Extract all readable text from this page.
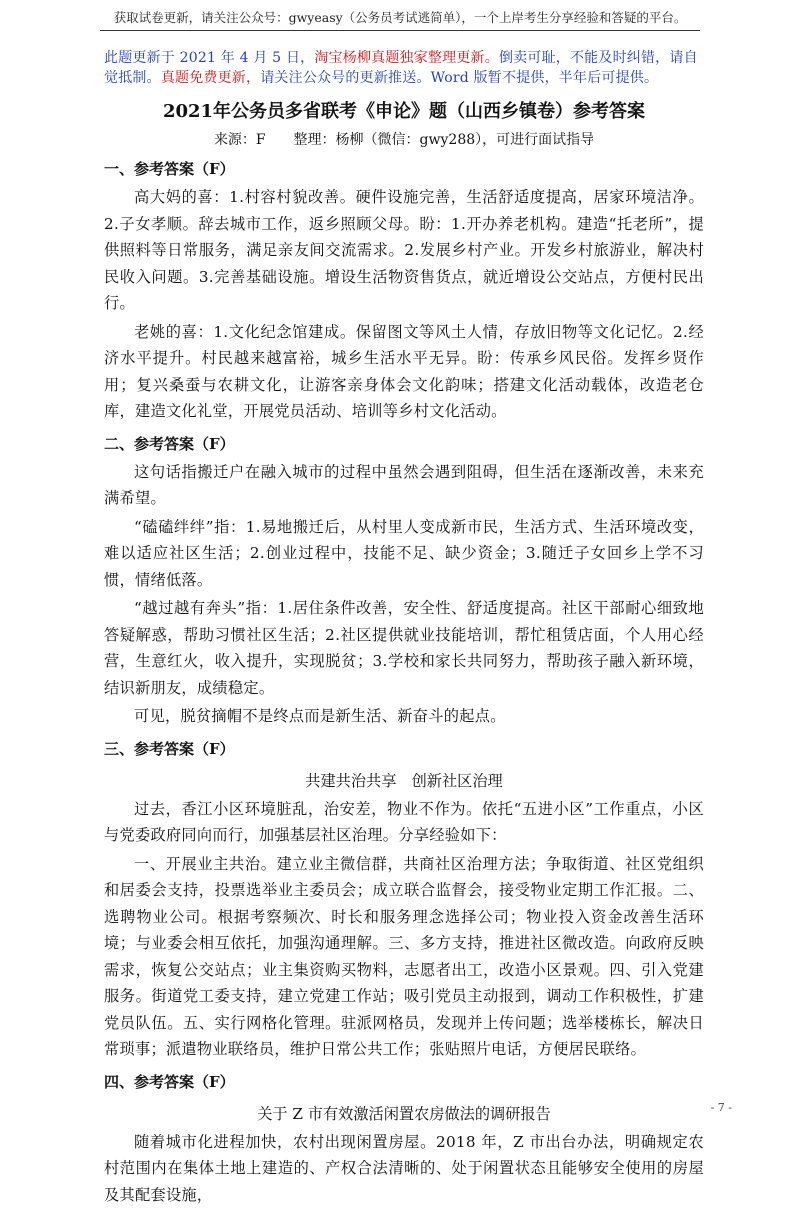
获取试卷更新，请关注公众号：gwyeasy（公务员考试逃简单），一个上岸考生分享经验和答疑的平台。

此题更新于 2021 年 4 月 5 日，淘宝杨柳真题独家整理更新。倒卖可耻，不能及时纠错，请自觉抵制。真题免费更新，请关注公众号的更新推送。Word 版暂不提供，半年后可提供。

2021年公务员多省联考《申论》题（山西乡镇卷）参考答案
来源：F　　整理：杨柳（微信：gwy288），可进行面试指导
一、参考答案（F）

高大妈的喜：1.村容村貌改善。硬件设施完善，生活舒适度提高，居家环境洁净。2.子女孝顺。辞去城市工作，返乡照顾父母。盼：1.开办养老机构。建造“托老所”，提供照料等日常服务，满足亲友间交流需求。2.发展乡村产业。开发乡村旅游业，解决村民收入问题。3.完善基础设施。增设生活物资售货点，就近增设公交站点，方便村民出行。

老姚的喜：1.文化纪念馆建成。保留图文等风土人情，存放旧物等文化记忆。2.经济水平提升。村民越来越富裕，城乡生活水平无异。盼：传承乡风民俗。发挥乡贤作用；复兴桑蚕与农耕文化，让游客亲身体会文化韵味；搭建文化活动载体，改造老仓库，建造文化礼堂，开展党员活动、培训等乡村文化活动。

二、参考答案（F）

这句话指搬迁户在融入城市的过程中虽然会遇到阻碍，但生活在逐渐改善，未来充满希望。

“磕磕绊绊”指：1.易地搬迁后，从村里人变成新市民，生活方式、生活环境改变，难以适应社区生活；2.创业过程中，技能不足、缺少资金；3.随迁子女回乡上学不习惯，情绪低落。

“越过越有奔头”指：1.居住条件改善，安全性、舒适度提高。社区干部耐心细致地答疑解惑，帮助习惯社区生活；2.社区提供就业技能培训，帮忙租赁店面，个人用心经营，生意红火，收入提升，实现脱贫；3.学校和家长共同努力，帮助孩子融入新环境，结识新朋友，成绩稳定。

可见，脱贫摘帽不是终点而是新生活、新奋斗的起点。

三、参考答案（F）
共建共治共享　创新社区治理

过去，香江小区环境脏乱，治安差，物业不作为。依托“五进小区”工作重点，小区与党委政府同向而行，加强基层社区治理。分享经验如下：

一、开展业主共治。建立业主微信群，共商社区治理方法；争取街道、社区党组织和居委会支持，投票选举业主委员会；成立联合监督会，接受物业定期工作汇报。二、选聘物业公司。根据考察频次、时长和服务理念选择公司；物业投入资金改善生活环境；与业委会相互依托，加强沟通理解。三、多方支持，推进社区微改造。向政府反映需求，恢复公交站点；业主集资购买物料，志愿者出工，改造小区景观。四、引入党建服务。街道党工委支持，建立党建工作站；吸引党员主动报到，调动工作积极性，扩建党员队伍。五、实行网格化管理。驻派网格员，发现并上传问题；选举楼栋长，解决日常琐事；派遣物业联络员，维护日常公共工作；张贴照片电话，方便居民联络。

四、参考答案（F）
关于 Z 市有效激活闲置农房做法的调研报告

随着城市化进程加快，农村出现闲置房屋。2018 年，Z 市出台办法，明确规定农村范围内在集体土地上建造的、产权合法清晰的、处于闲置状态且能够安全使用的房屋及其配套设施，

- 7 -
